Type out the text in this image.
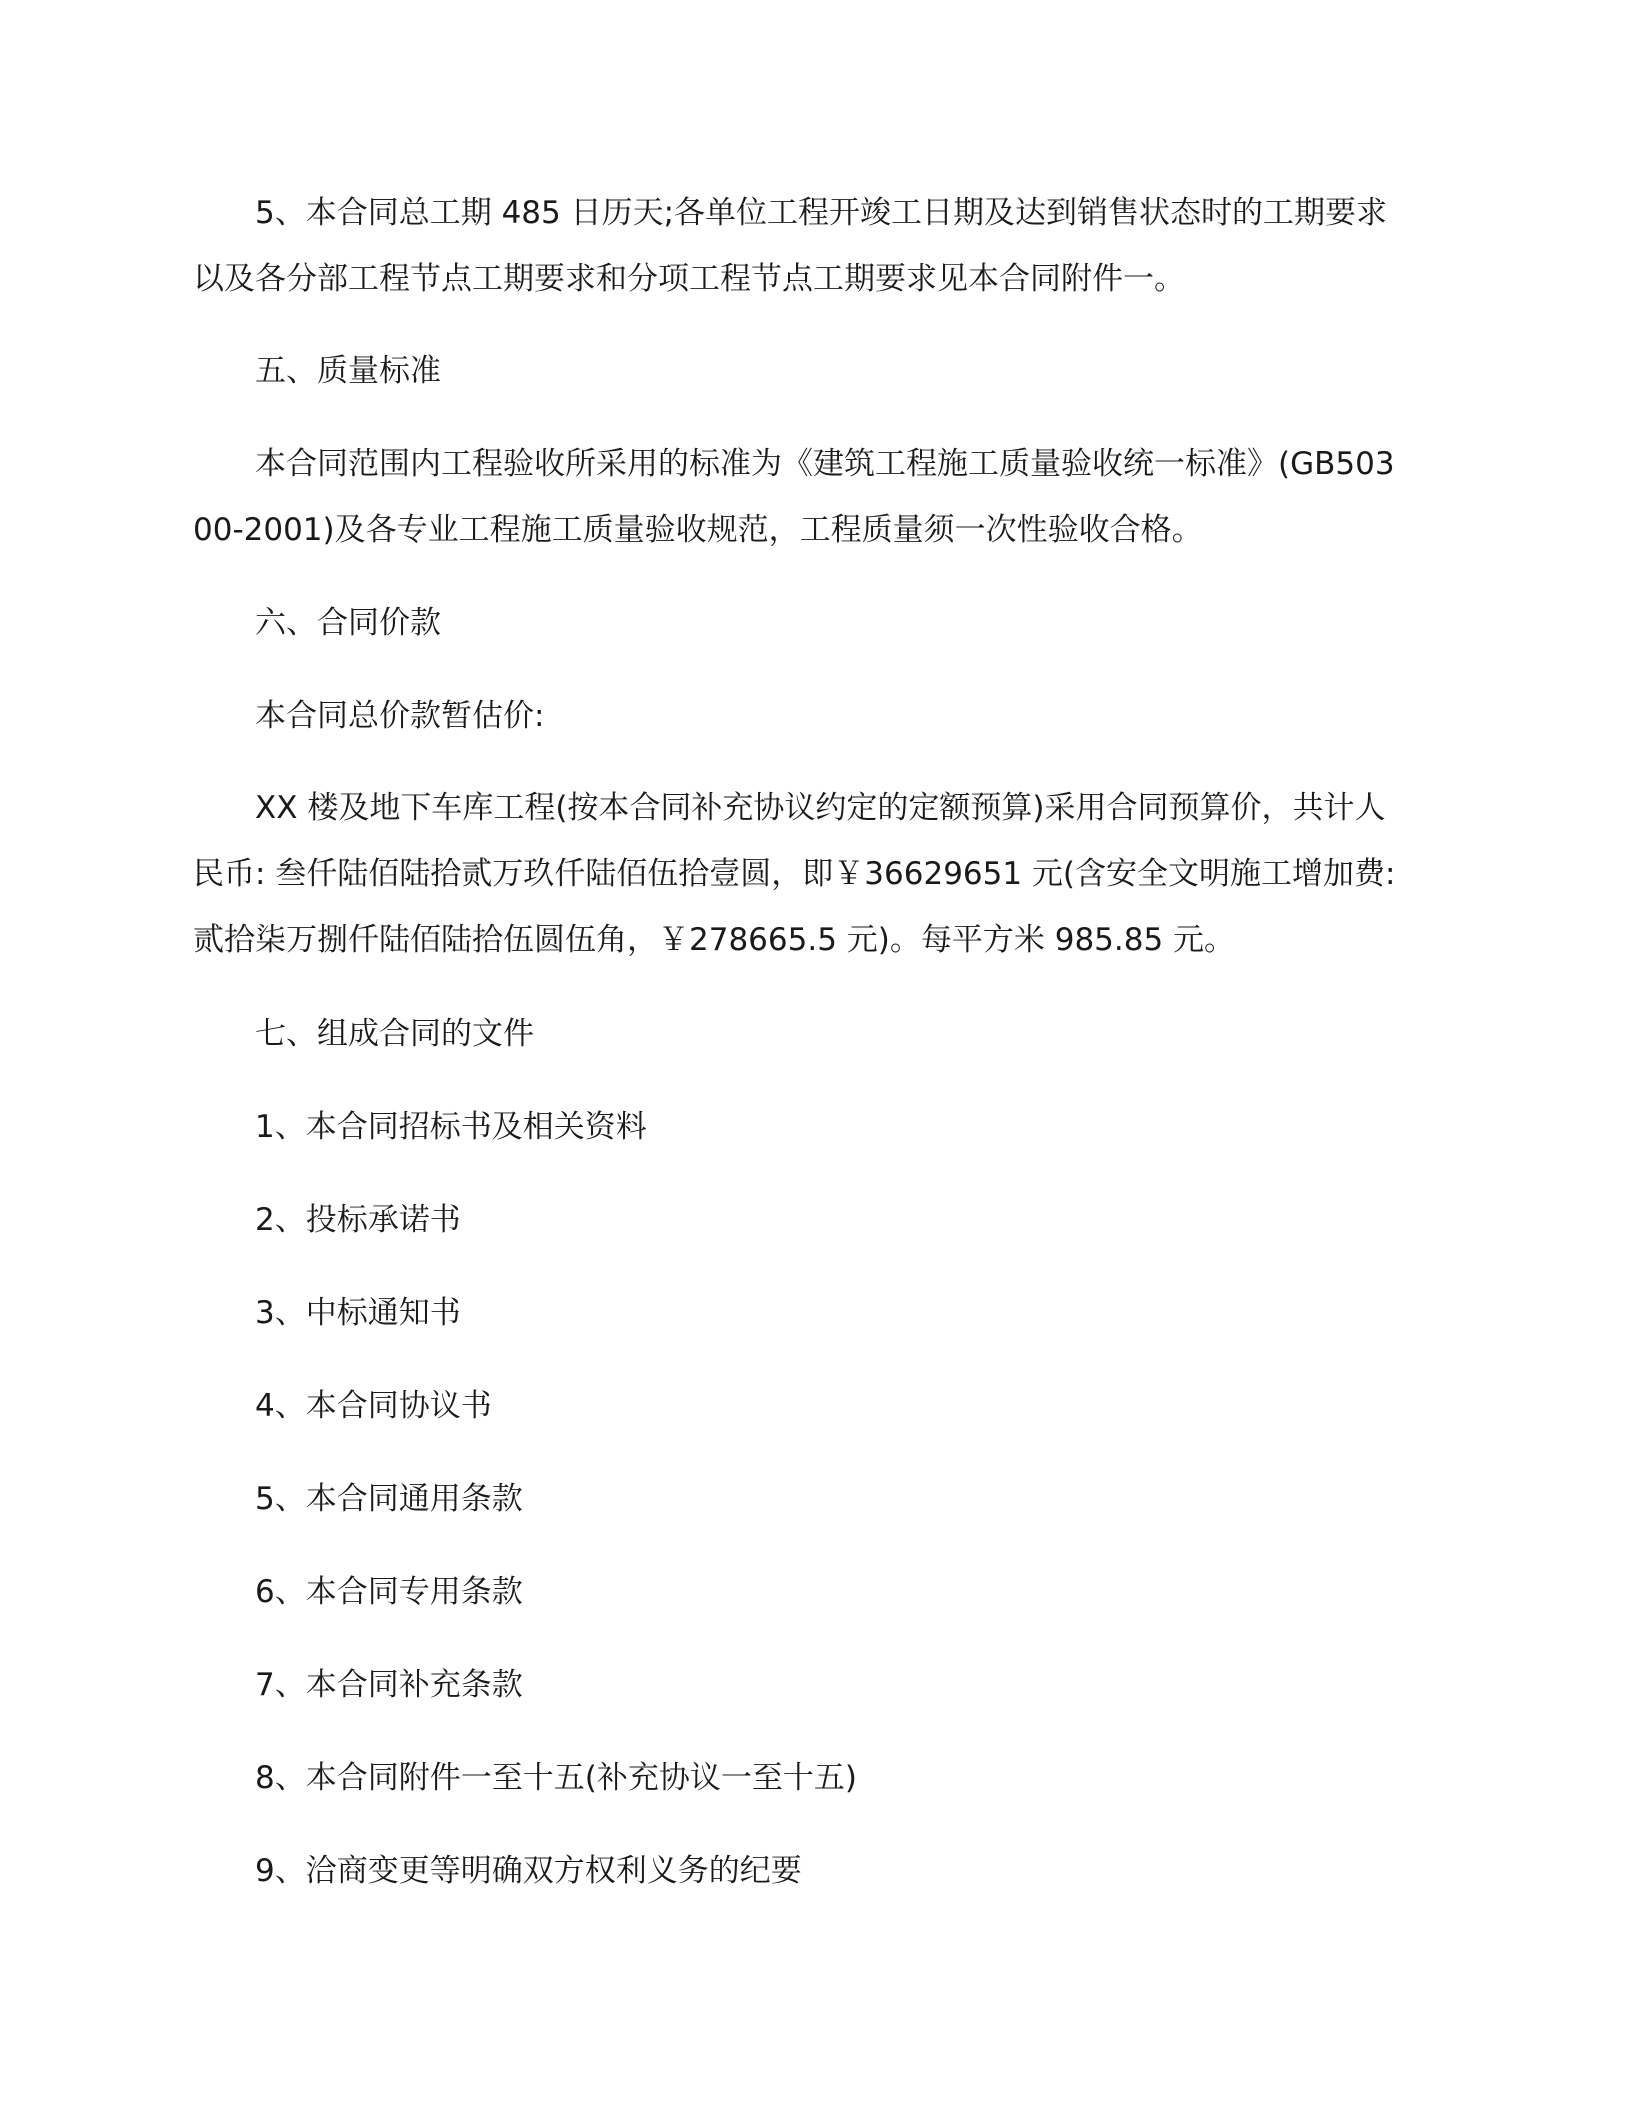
5、本合同总工期 485 日历天;各单位工程开竣工日期及达到销售状态时的工期要求以及各分部工程节点工期要求和分项工程节点工期要求见本合同附件一。

五、质量标准

本合同范围内工程验收所采用的标准为《建筑工程施工质量验收统一标准》(GB50300-2001)及各专业工程施工质量验收规范，工程质量须一次性验收合格。

六、合同价款

本合同总价款暂估价:

XX 楼及地下车库工程(按本合同补充协议约定的定额预算)采用合同预算价，共计人民币: 叁仟陆佰陆拾贰万玖仟陆佰伍拾壹圆，即￥36629651 元(含安全文明施工增加费:贰拾柒万捌仟陆佰陆拾伍圆伍角，￥278665.5 元)。每平方米 985.85 元。

七、组成合同的文件

1、本合同招标书及相关资料

2、投标承诺书

3、中标通知书

4、本合同协议书

5、本合同通用条款

6、本合同专用条款

7、本合同补充条款

8、本合同附件一至十五(补充协议一至十五)

9、洽商变更等明确双方权利义务的纪要
